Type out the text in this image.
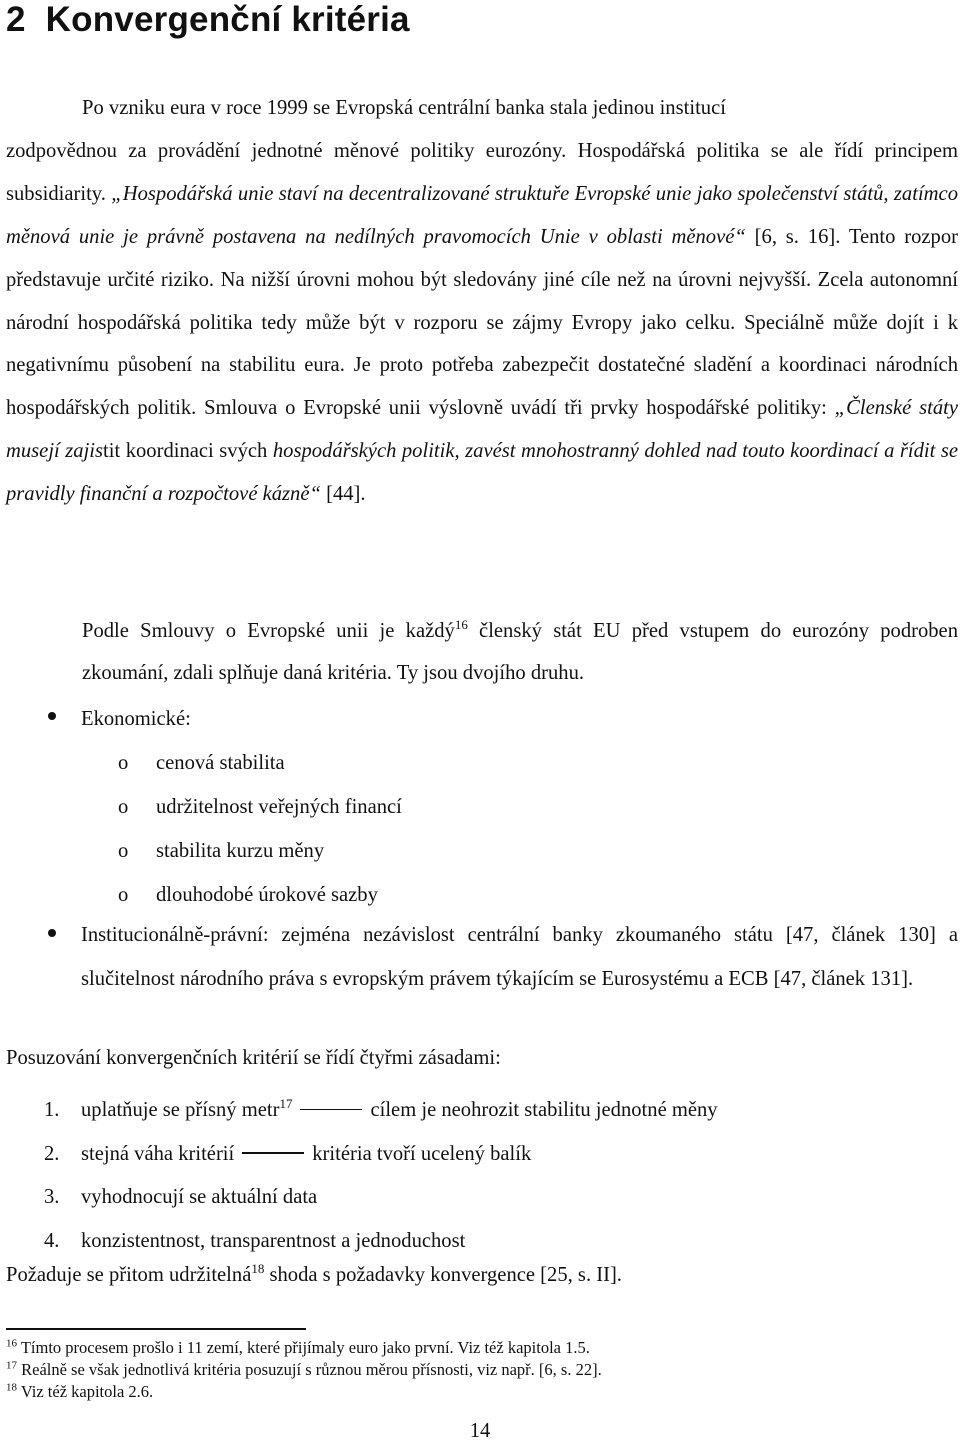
2 Konvergenční kritéria

Po vzniku eura v roce 1999 se Evropská centrální banka stala jedinou institucí zodpovědnou za provádění jednotné měnové politiky eurozóny. Hospodářská politika se ale řídí principem subsidiarity. „Hospodářská unie staví na decentralizované struktuře Evropské unie jako společenství států, zatímco měnová unie je právně postavena na nedílných pravomocích Unie v oblasti měnové“ [6, s. 16]. Tento rozpor představuje určité riziko. Na nižší úrovni mohou být sledovány jiné cíle než na úrovni nejvyšší. Zcela autonomní národní hospodářská politika tedy může být v rozporu se zájmy Evropy jako celku. Speciálně může dojít i k negativnímu působení na stabilitu eura. Je proto potřeba zabezpečit dostatečné sladění a koordinaci národních hospodářských politik. Smlouva o Evropské unii výslovně uvádí tři prvky hospodářské politiky: „Členské státy musejí zajistit koordinaci svých hospodářských politik, zavést mnohostranný dohled nad touto koordinací a řídit se pravidly finanční a rozpočtové kázně“ [44].

Podle Smlouvy o Evropské unii je každý$^{16}$ členský stát EU před vstupem do eurozóny podroben zkoumání, zdali splňuje daná kritéria. Ty jsou dvojího druhu.

Ekonomické:
o cenová stabilita
o udržitelnost veřejných financí
o stabilita kurzu měny
o dlouhodobé úrokové sazby
Institucionálně-právní: zejména nezávislost centrální banky zkoumaného státu [47, článek 130] a slučitelnost národního práva s evropským právem týkajícím se Eurosystému a ECB [47, článek 131].
Posuzování konvergenčních kritérií se řídí čtyřmi zásadami:
1. uplatňuje se přísný metr$^{17}$	cílem je neohrozit stabilitu jednotné měny
2. stejná váha kritérií	kritéria tvoří ucelený balík
3. vyhodnocují se aktuální data
4. konzistentnost, transparentnost a jednoduchost
Požaduje se přitom udržitelná$^{18}$ shoda s požadavky konvergence [25, s. II].
$^{16}$ Tímto procesem prošlo i 11 zemí, které přijímaly euro jako první. Viz též kapitola 1.5.
$^{17}$ Reálně se však jednotlivá kritéria posuzují s různou měrou přísnosti, viz např. [6, s. 22].
$^{18}$ Viz též kapitola 2.6.
14
